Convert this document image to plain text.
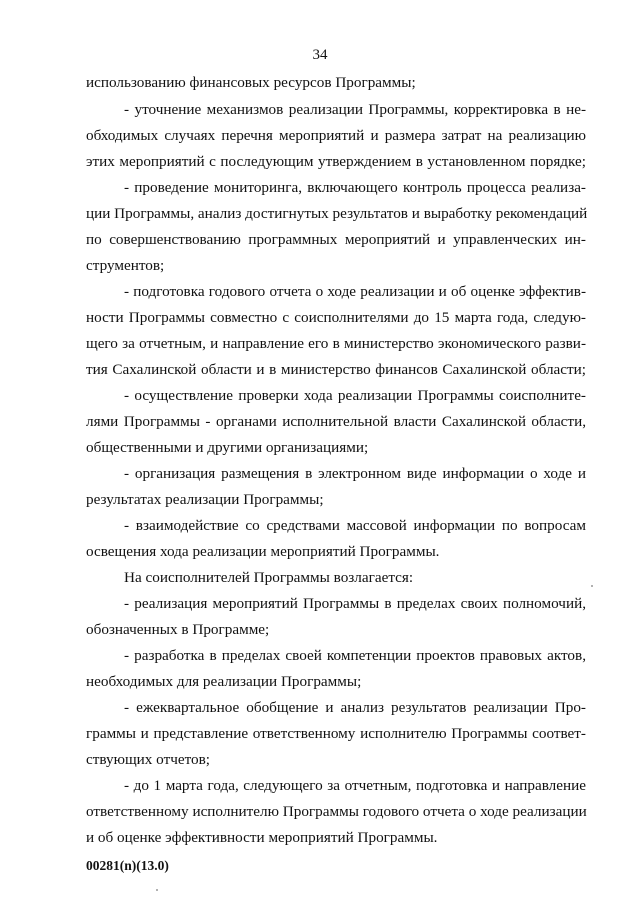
34
использованию финансовых ресурсов Программы;
- уточнение механизмов реализации Программы, корректировка в не-
обходимых случаях перечня мероприятий и размера затрат на реализацию
этих мероприятий с последующим утверждением в установленном порядке;
- проведение мониторинга, включающего контроль процесса реализа-
ции Программы, анализ достигнутых результатов и выработку рекомендаций
по совершенствованию программных мероприятий и управленческих ин-
струментов;
- подготовка годового отчета о ходе реализации и об оценке эффектив-
ности Программы совместно с соисполнителями до 15 марта года, следую-
щего за отчетным, и направление его в министерство экономического разви-
тия Сахалинской области и в министерство финансов Сахалинской области;
- осуществление проверки хода реализации Программы соисполните-
лями Программы - органами исполнительной власти Сахалинской области,
общественными и другими организациями;
- организация размещения в электронном виде информации о ходе и
результатах реализации Программы;
- взаимодействие со средствами массовой информации по вопросам
освещения хода реализации мероприятий Программы.
На соисполнителей Программы возлагается:
- реализация мероприятий Программы в пределах своих полномочий,
обозначенных в Программе;
- разработка в пределах своей компетенции проектов правовых актов,
необходимых для реализации Программы;
- ежеквартальное обобщение и анализ результатов реализации Про-
граммы и представление ответственному исполнителю Программы соответ-
ствующих отчетов;
- до 1 марта года, следующего за отчетным, подготовка и направление
ответственному исполнителю Программы годового отчета о ходе реализации
и об оценке эффективности мероприятий Программы.
00281(n)(13.0)
